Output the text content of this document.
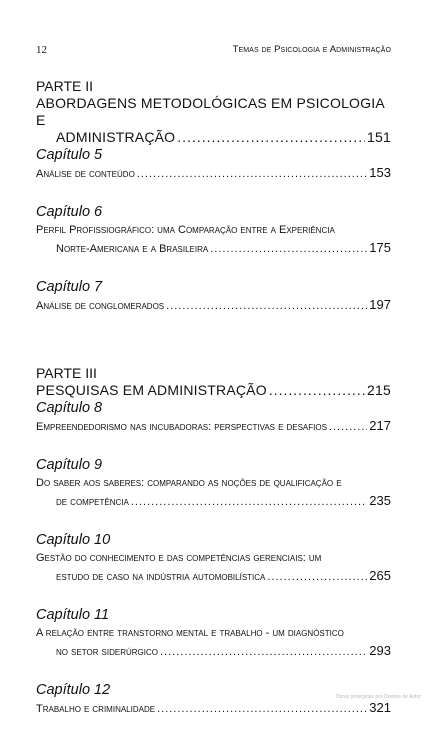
12	Temas de Psicologia e Administração
PARTE II
ABORDAGENS METODOLÓGICAS EM PSICOLOGIA E
ADMINISTRAÇÃO .....	151
Capítulo 5
Análise de conteúdo .....	153
Capítulo 6
Perfil Profissiográfico: uma Comparação entre a Experiência
Norte-Americana e a Brasileira .....	175
Capítulo 7
Análise de conglomerados .....	197
PARTE III
PESQUISAS EM ADMINISTRAÇÃO .....	215
Capítulo 8
Empreendedorismo nas incubadoras: perspectivas e desafios .....	217
Capítulo 9
Do saber aos saberes: comparando as noções de qualificação e
de competência .....	235
Capítulo 10
Gestão do conhecimento e das competências gerenciais: um
estudo de caso na indústria automobilística .....	265
Capítulo 11
A relação entre transtorno mental e trabalho - um diagnóstico
no setor siderúrgico .....	293
Capítulo 12
Trabalho e criminalidade .....	321
Obras protegidas por Direitos de Autor
